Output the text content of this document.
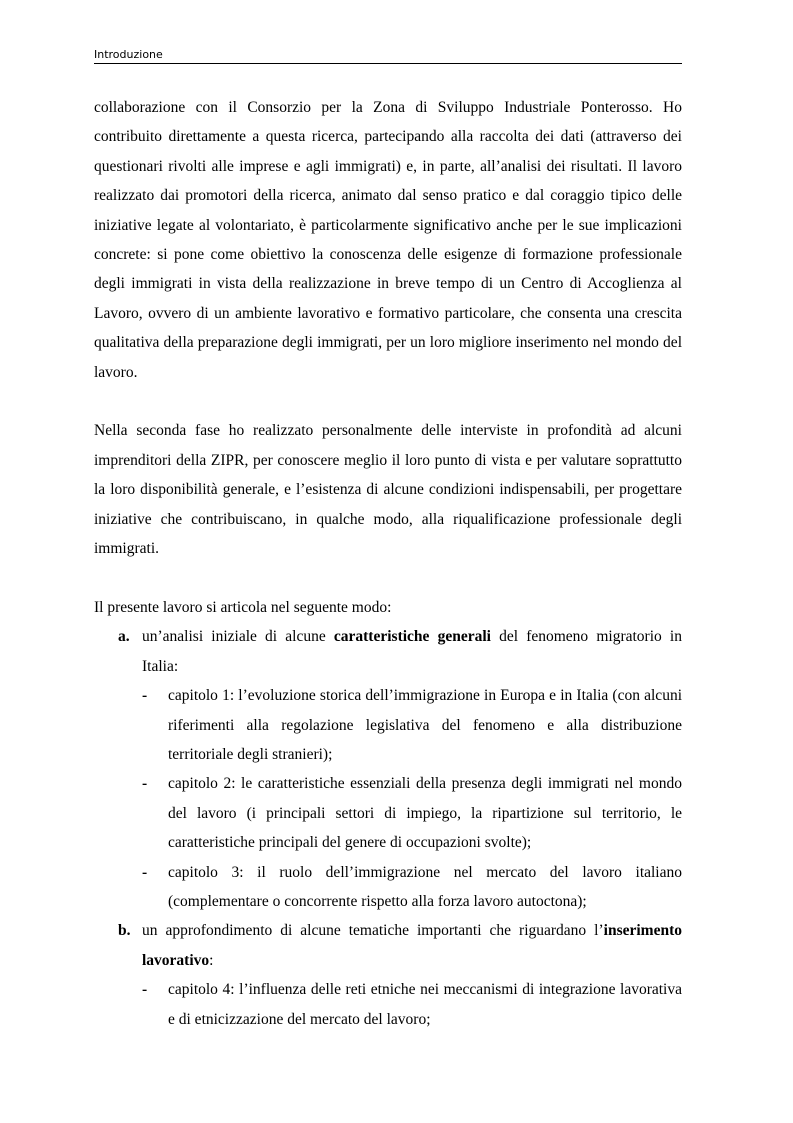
Introduzione

collaborazione con il Consorzio per la Zona di Sviluppo Industriale Ponterosso. Ho contribuito direttamente a questa ricerca, partecipando alla raccolta dei dati (attraverso dei questionari rivolti alle imprese e agli immigrati) e, in parte, all’analisi dei risultati. Il lavoro realizzato dai promotori della ricerca, animato dal senso pratico e dal coraggio tipico delle iniziative legate al volontariato, è particolarmente significativo anche per le sue implicazioni concrete: si pone come obiettivo la conoscenza delle esigenze di formazione professionale degli immigrati in vista della realizzazione in breve tempo di un Centro di Accoglienza al Lavoro, ovvero di un ambiente lavorativo e formativo particolare, che consenta una crescita qualitativa della preparazione degli immigrati, per un loro migliore inserimento nel mondo del lavoro.

Nella seconda fase ho realizzato personalmente delle interviste in profondità ad alcuni imprenditori della ZIPR, per conoscere meglio il loro punto di vista e per valutare soprattutto la loro disponibilità generale, e l’esistenza di alcune condizioni indispensabili, per progettare iniziative che contribuiscano, in qualche modo, alla riqualificazione professionale degli immigrati.

Il presente lavoro si articola nel seguente modo:

a. un’analisi iniziale di alcune caratteristiche generali del fenomeno migratorio in Italia:
- capitolo 1: l’evoluzione storica dell’immigrazione in Europa e in Italia (con alcuni riferimenti alla regolazione legislativa del fenomeno e alla distribuzione territoriale degli stranieri);
- capitolo 2: le caratteristiche essenziali della presenza degli immigrati nel mondo del lavoro (i principali settori di impiego, la ripartizione sul territorio, le caratteristiche principali del genere di occupazioni svolte);
- capitolo 3: il ruolo dell’immigrazione nel mercato del lavoro italiano (complementare o concorrente rispetto alla forza lavoro autoctona);
b. un approfondimento di alcune tematiche importanti che riguardano l’inserimento lavorativo:
- capitolo 4: l’influenza delle reti etniche nei meccanismi di integrazione lavorativa e di etnicizzazione del mercato del lavoro;
